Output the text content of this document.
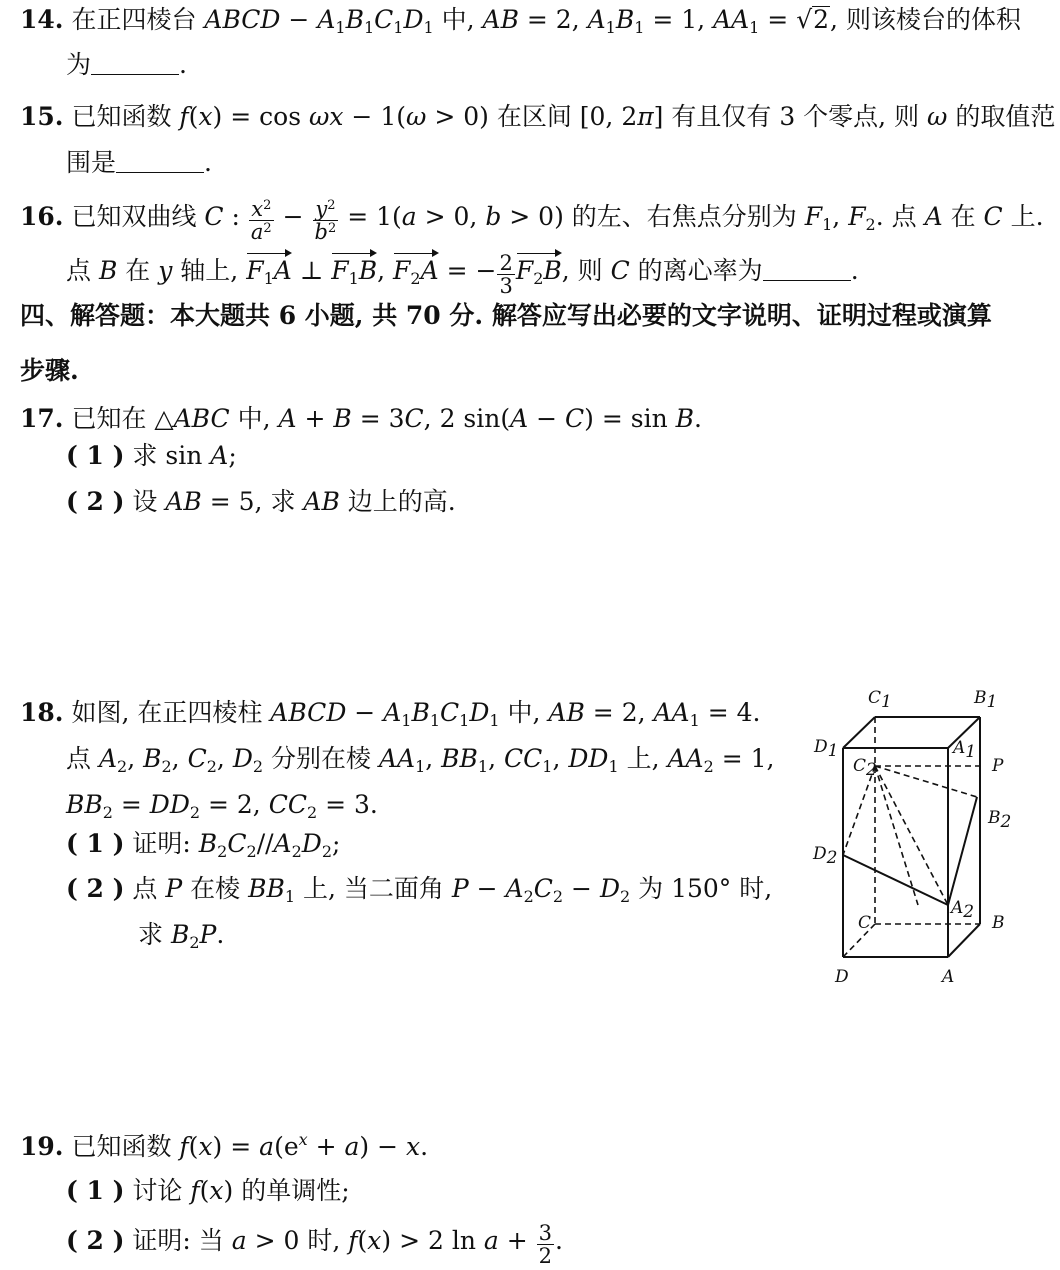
14. 在正四棱台 ABCD − $A_1B_1C_1D_1$ 中, AB = 2, $A_1B_1 = 1$, $AA_1 = √2$, 则该棱台的体积
为	.
15. 已知函数 f(x) = cos ωx − 1(ω > 0) 在区间 [0, 2π] 有且仅有 3 个零点, 则 ω 的取值范
围是	.
16. 已知双曲线 C : $\frac{x^2}{a^2} - \frac{y^2}{b^2} = 1(a > 0$, b > 0) 的左、右焦点分别为 $F_1$, $F_2$. 点 A 在 C 上.
点 B 在 y 轴上, $F_1A$ ⊥ $F_1B$, $F_2A$ = − $\frac{2}{3} F_2B$, 则 C 的离心率为	.
四、解答题：本大题共 6 小题, 共 70 分. 解答应写出必要的文字说明、证明过程或演算
步骤.
17. 已知在 △ABC 中, A + B = 3C, 2 sin(A − C) = sin B.
( 1 ) 求 sin A;
( 2 ) 设 AB = 5, 求 AB 边上的高.
18. 如图, 在正四棱柱 ABCD − $A_1B_1C_1D_1$ 中, AB = 2, $AA_1 = 4$.
点 $A_2$, $B_2$, $C_2$, $D_2$ 分别在棱 $AA_1$, $BB_1$, $CC_1$, $DD_1$ 上, $AA_2 = 1$,
$BB_2 = DD_2 = 2$, $CC_2 = 3$.
( 1 ) 证明: $B_2C_2//A_2D_2$;
( 2 ) 点 P 在棱 $BB_1$ 上, 当二面角 $P - A_2C_2 - D_2$ 为 150° 时,
求 $B_2P$.
C1	B1
D1	A1
C2	P
B2
D2
A2
C	B
D	A
19. 已知函数 $f(x) = a(e^x + a) - x$.
( 1 ) 讨论 f(x) 的单调性;
( 2 ) 证明: 当 a > 0 时, f(x) > 2 $\ln a + \frac{3}{2}$ .
